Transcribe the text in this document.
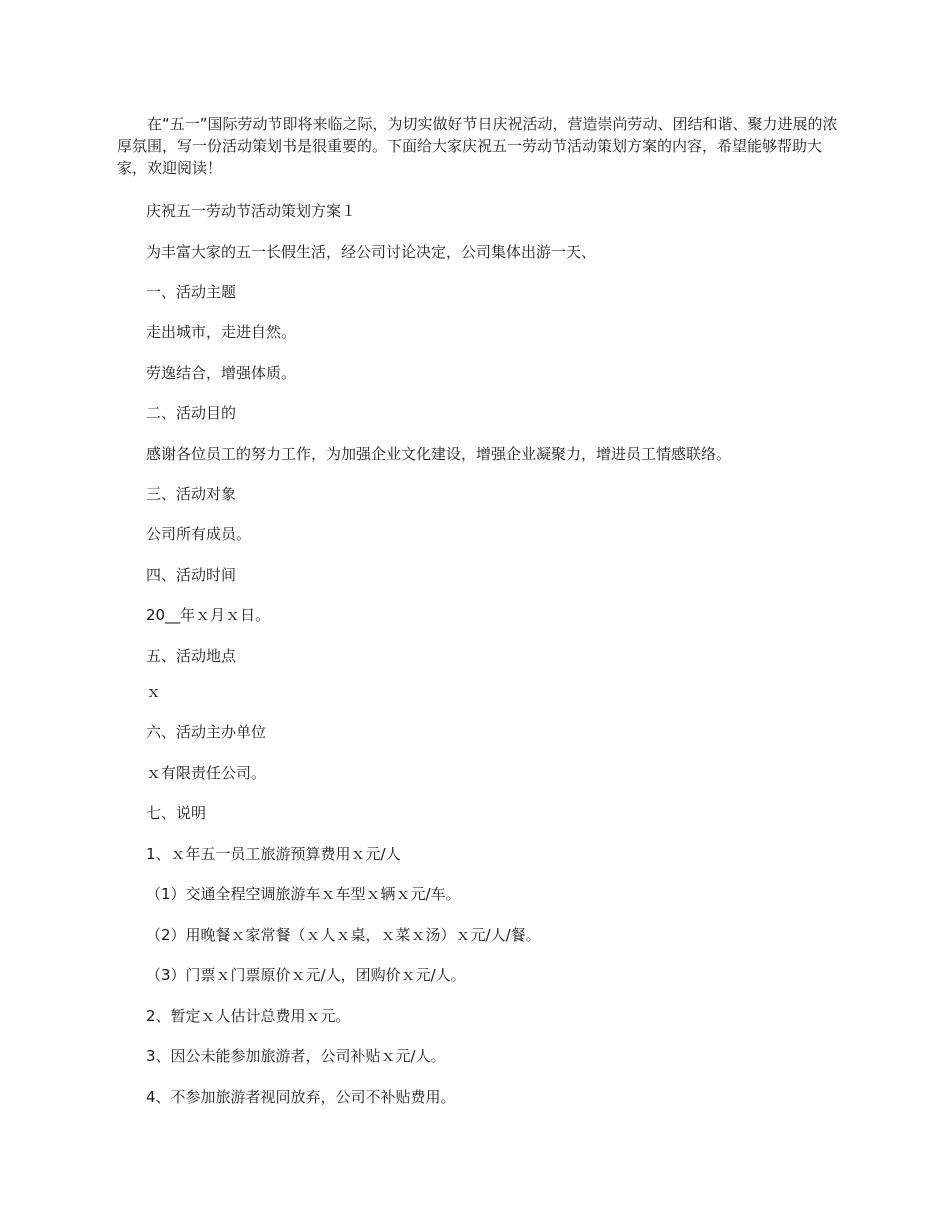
在“五一”国际劳动节即将来临之际，为切实做好节日庆祝活动，营造崇尚劳动、团结和谐、聚力进展的浓厚氛围，写一份活动策划书是很重要的。下面给大家庆祝五一劳动节活动策划方案的内容，希望能够帮助大家，欢迎阅读！

庆祝五一劳动节活动策划方案１

为丰富大家的五一长假生活，经公司讨论决定，公司集体出游一天、

一、活动主题

走出城市，走进自然。

劳逸结合，增强体质。

二、活动目的

感谢各位员工的努力工作，为加强企业文化建设，增强企业凝聚力，增进员工情感联络。

三、活动对象

公司所有成员。

四、活动时间

20__年ｘ月ｘ日。

五、活动地点

ｘ

六、活动主办单位

ｘ有限责任公司。

七、说明

1、ｘ年五一员工旅游预算费用ｘ元/人

（1）交通全程空调旅游车ｘ车型ｘ辆ｘ元/车。

（2）用晚餐ｘ家常餐（ｘ人ｘ桌，ｘ菜ｘ汤）ｘ元/人/餐。

（3）门票ｘ门票原价ｘ元/人，团购价ｘ元/人。

2、暂定ｘ人估计总费用ｘ元。

3、因公未能参加旅游者，公司补贴ｘ元/人。

4、不参加旅游者视同放弃，公司不补贴费用。
